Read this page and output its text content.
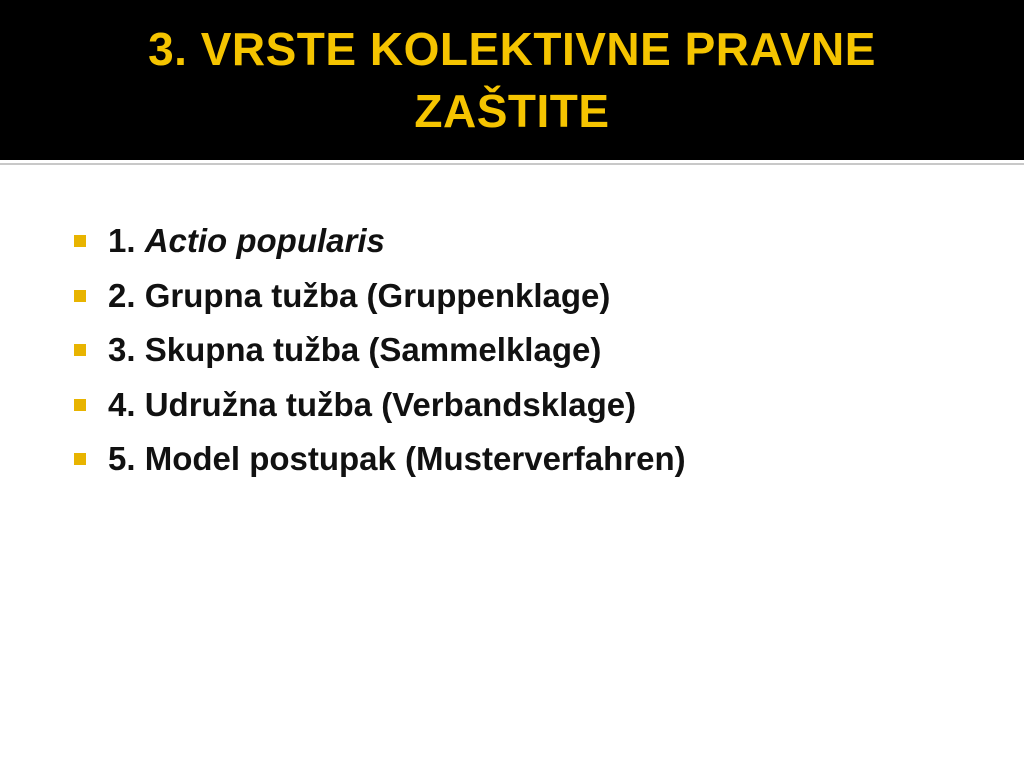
3. VRSTE KOLEKTIVNE PRAVNE ZAŠTITE
1. Actio popularis
2. Grupna tužba (Gruppenklage)
3. Skupna tužba (Sammelklage)
4. Udružna tužba (Verbandsklage)
5. Model postupak (Musterverfahren)
